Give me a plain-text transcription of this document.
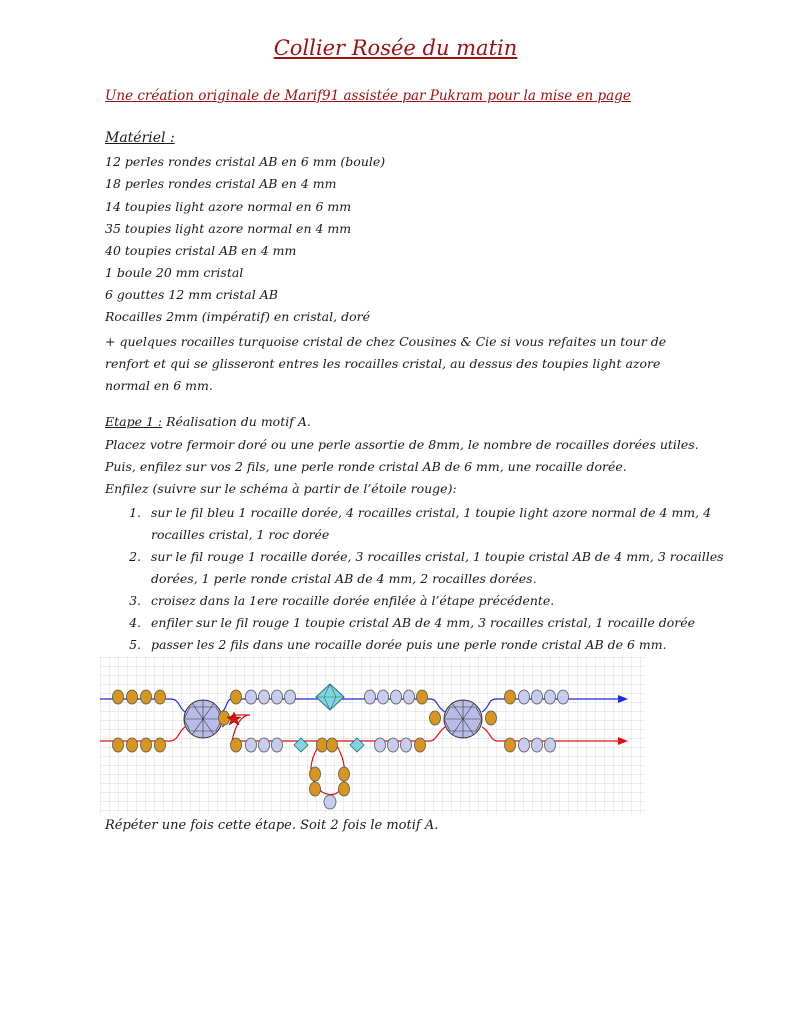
Collier Rosée du matin
Une création originale de Marif91 assistée par Pukram pour la mise en page
Matériel :
12 perles rondes cristal AB en 6 mm (boule)
18 perles rondes cristal AB en 4 mm
14 toupies light azore normal en 6 mm
35 toupies light azore normal en 4 mm
40 toupies cristal AB en 4 mm
1 boule 20 mm cristal
6 gouttes 12 mm cristal AB
Rocailles 2mm (impératif) en cristal, doré
+ quelques rocailles turquoise cristal de chez Cousines & Cie si vous refaites un tour de renfort et qui se glisseront entres les rocailles cristal, au dessus des toupies light azore normal en 6 mm.
Etape 1 : Réalisation du motif A.
Placez votre fermoir doré ou une perle assortie de 8mm, le nombre de rocailles dorées utiles.
Puis, enfilez sur vos 2 fils, une perle ronde cristal AB de 6 mm, une rocaille dorée.
Enfilez (suivre sur le schéma à partir de l’étoile rouge):
1. sur le fil bleu 1 rocaille dorée, 4 rocailles cristal, 1 toupie light azore normal de 4 mm, 4 rocailles cristal, 1 roc dorée
2. sur le fil rouge 1 rocaille dorée, 3 rocailles cristal, 1 toupie cristal AB de 4 mm, 3 rocailles dorées, 1 perle ronde cristal AB de 4 mm, 2 rocailles dorées.
3. croisez dans la 1ere rocaille dorée enfilée à l’étape précédente.
4. enfiler sur le fil rouge 1 toupie cristal AB de 4 mm, 3 rocailles cristal, 1 rocaille dorée
5. passer les 2 fils dans une rocaille dorée puis une perle ronde cristal AB de 6 mm.
Répéter une fois cette étape. Soit 2 fois le motif A.
